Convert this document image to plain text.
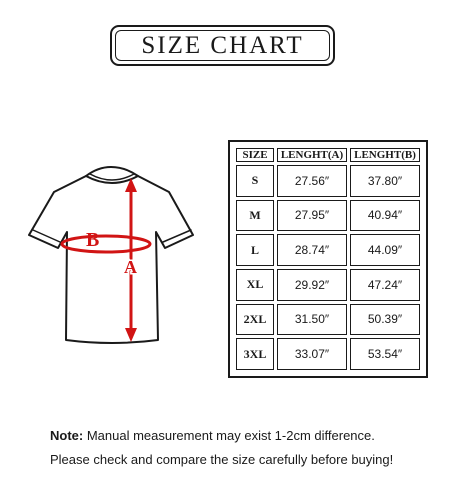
SIZE CHART
B
A
SIZE	LENGHT(A)	LENGHT(B)
S	27.56″	37.80″
M	27.95″	40.94″
L	28.74″	44.09″
XL	29.92″	47.24″
2XL	31.50″	50.39″
3XL	33.07″	53.54″
Note: Manual measurement may exist 1-2cm difference.
Please check and compare the size carefully before buying!
